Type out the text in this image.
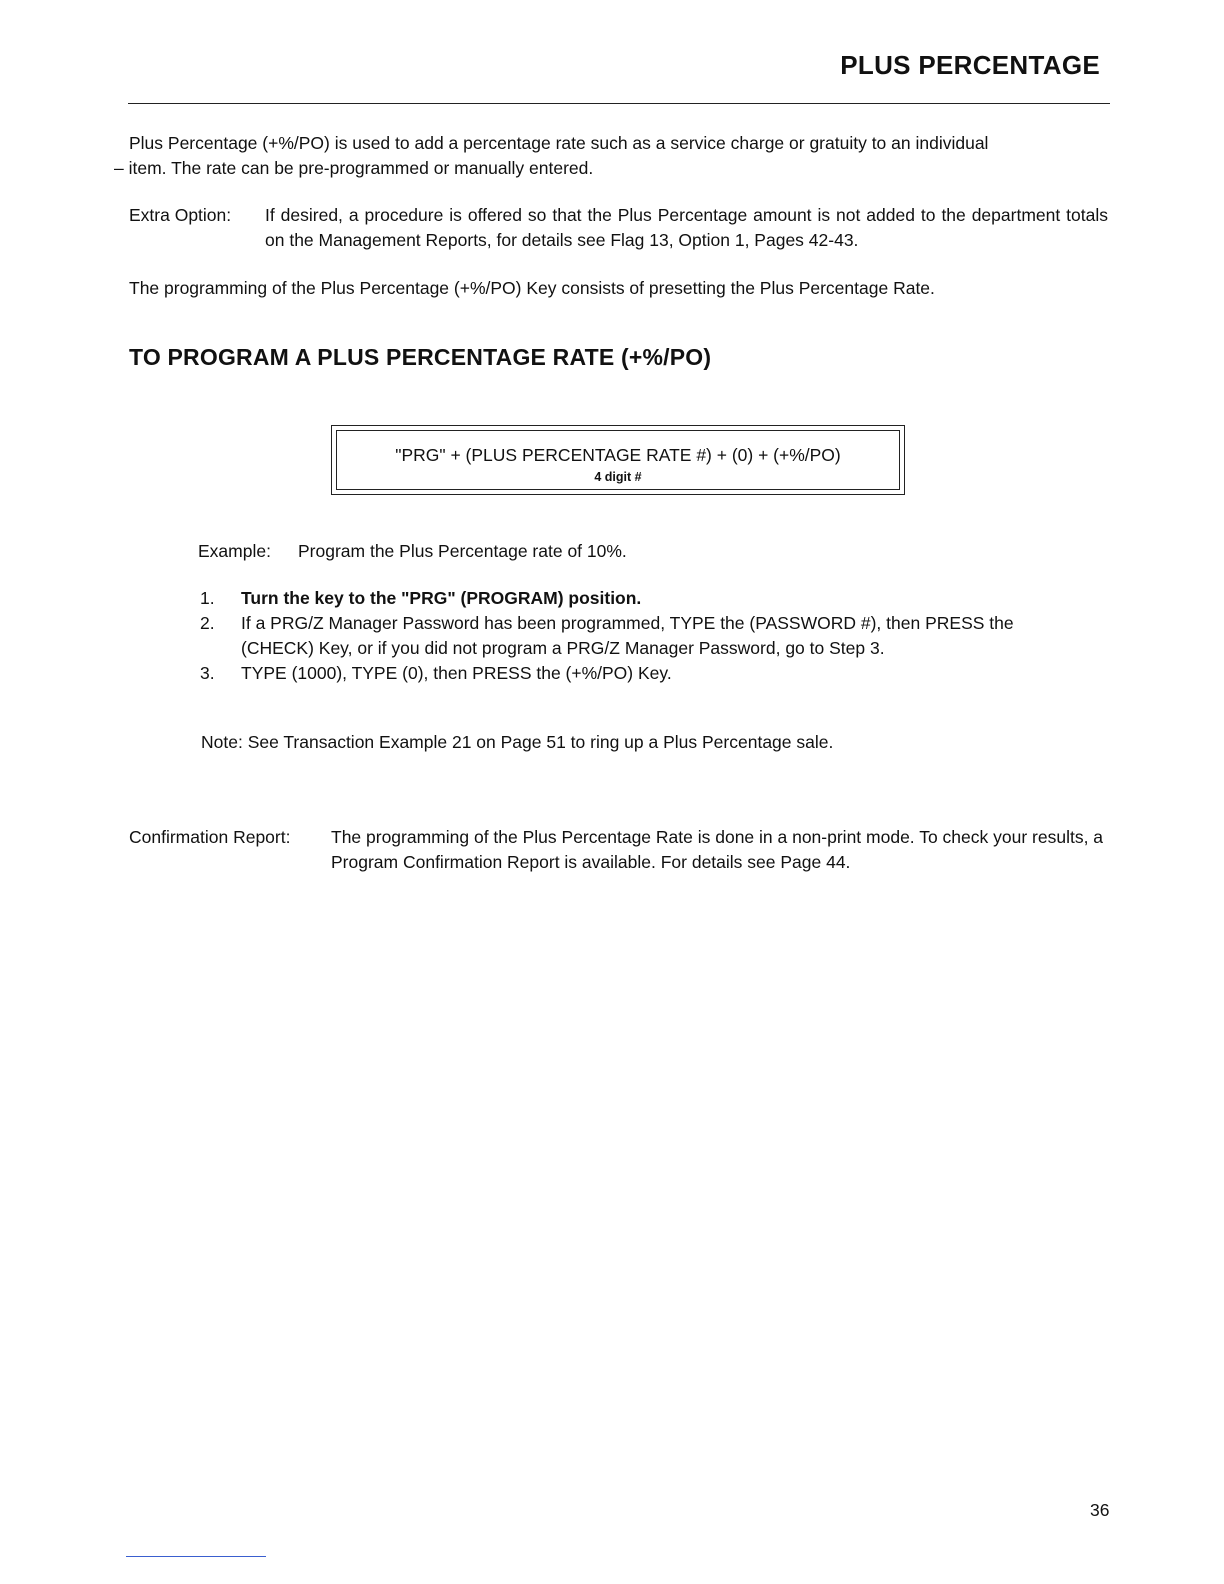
PLUS PERCENTAGE
Plus Percentage (+%/PO) is used to add a percentage rate such as a service charge or gratuity to an individual
– item. The rate can be pre-programmed or manually entered.
Extra Option: If desired, a procedure is offered so that the Plus Percentage amount is not added to the department totals on the Management Reports, for details see Flag 13, Option 1, Pages 42-43.
The programming of the Plus Percentage (+%/PO) Key consists of presetting the Plus Percentage Rate.
TO PROGRAM A PLUS PERCENTAGE RATE (+%/PO)
"PRG" + (PLUS PERCENTAGE RATE #) + (0) + (+%/PO)
4 digit #
Example: Program the Plus Percentage rate of 10%.
1. Turn the key to the "PRG" (PROGRAM) position.
2. If a PRG/Z Manager Password has been programmed, TYPE the (PASSWORD #), then PRESS the (CHECK) Key, or if you did not program a PRG/Z Manager Password, go to Step 3.
3. TYPE (1000), TYPE (0), then PRESS the (+%/PO) Key.
Note: See Transaction Example 21 on Page 51 to ring up a Plus Percentage sale.
Confirmation Report: The programming of the Plus Percentage Rate is done in a non-print mode. To check your results, a Program Confirmation Report is available. For details see Page 44.
36
